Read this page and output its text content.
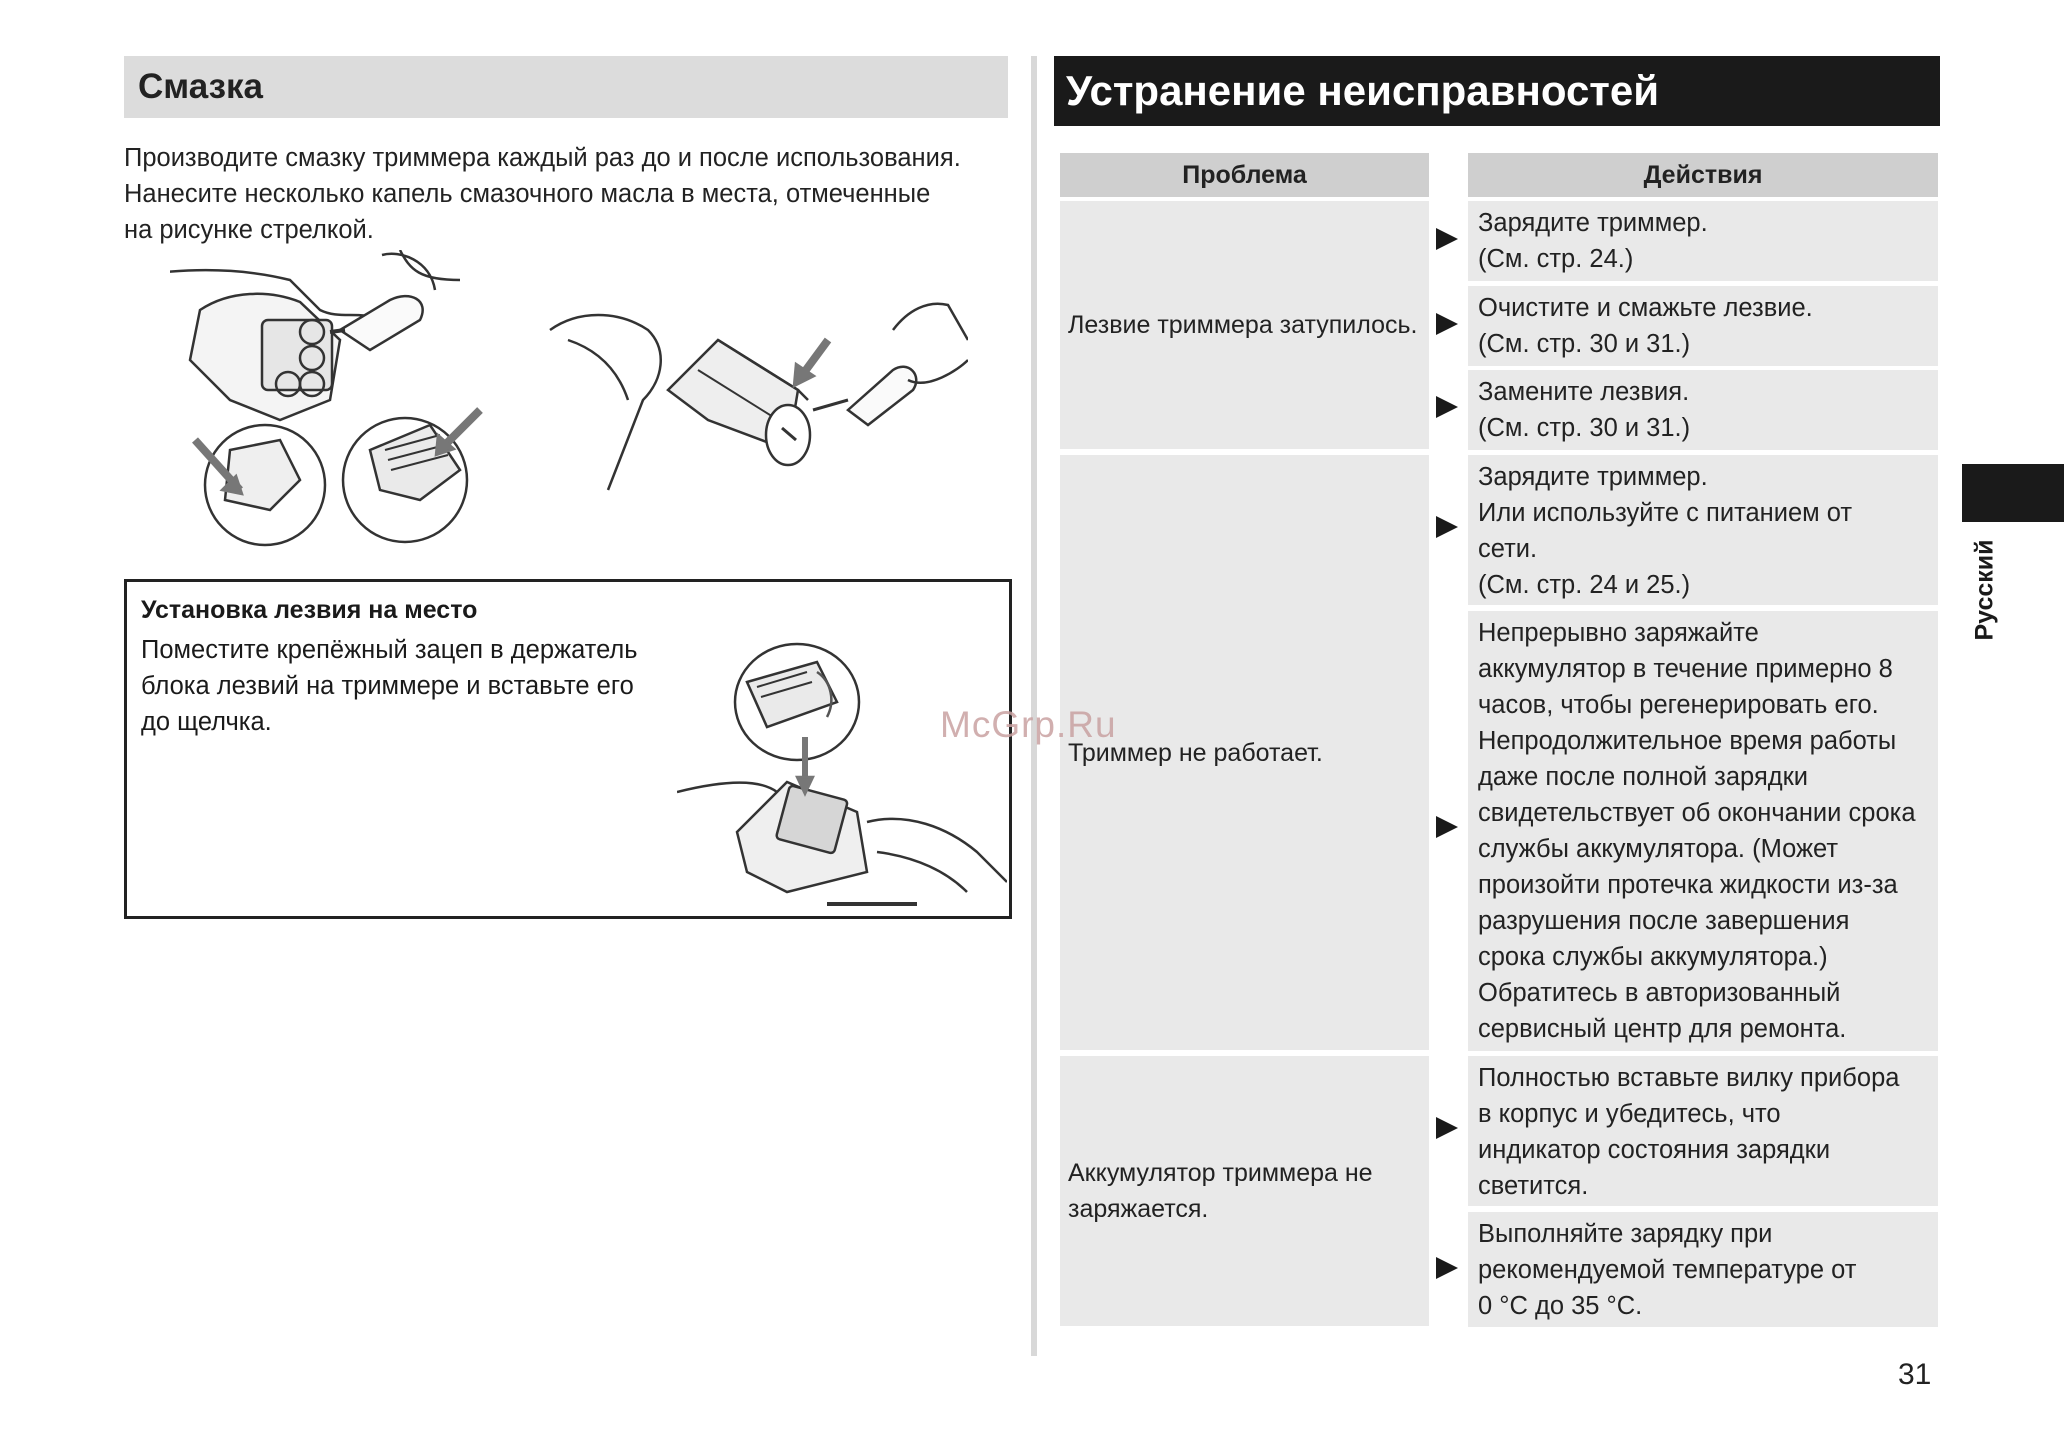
Смазка
Производите смазку триммера каждый раз до и после использования.
Нанесите несколько капель смазочного масла в места, отмеченные
на рисунке стрелкой.
Установка лезвия на место
Поместите крепёжный зацеп в держатель
блока лезвий на триммере и вставьте его
до щелчка.
Устранение неисправностей
Проблема	Действия
Лезвие триммера затупилось.
Триммер не работает.
Аккумулятор триммера не
заряжается.
Зарядите триммер.
(См. стр. 24.)
Очистите и смажьте лезвие.
(См. стр. 30 и 31.)
Замените лезвия.
(См. стр. 30 и 31.)
Зарядите триммер.
Или используйте с питанием от
сети.
(См. стр. 24 и 25.)
Непрерывно заряжайте
аккумулятор в течение примерно 8
часов, чтобы регенерировать его.
Непродолжительное время работы
даже после полной зарядки
свидетельствует об окончании срока
службы аккумулятора. (Может
произойти протечка жидкости из-за
разрушения после завершения
срока службы аккумулятора.)
Обратитесь в авторизованный
сервисный центр для ремонта.
Полностью вставьте вилку прибора
в корпус и убедитесь, что
индикатор состояния зарядки
светится.
Выполняйте зарядку при
рекомендуемой температуре от
0 °C до 35 °C.
Русский
McGrp.Ru
31
